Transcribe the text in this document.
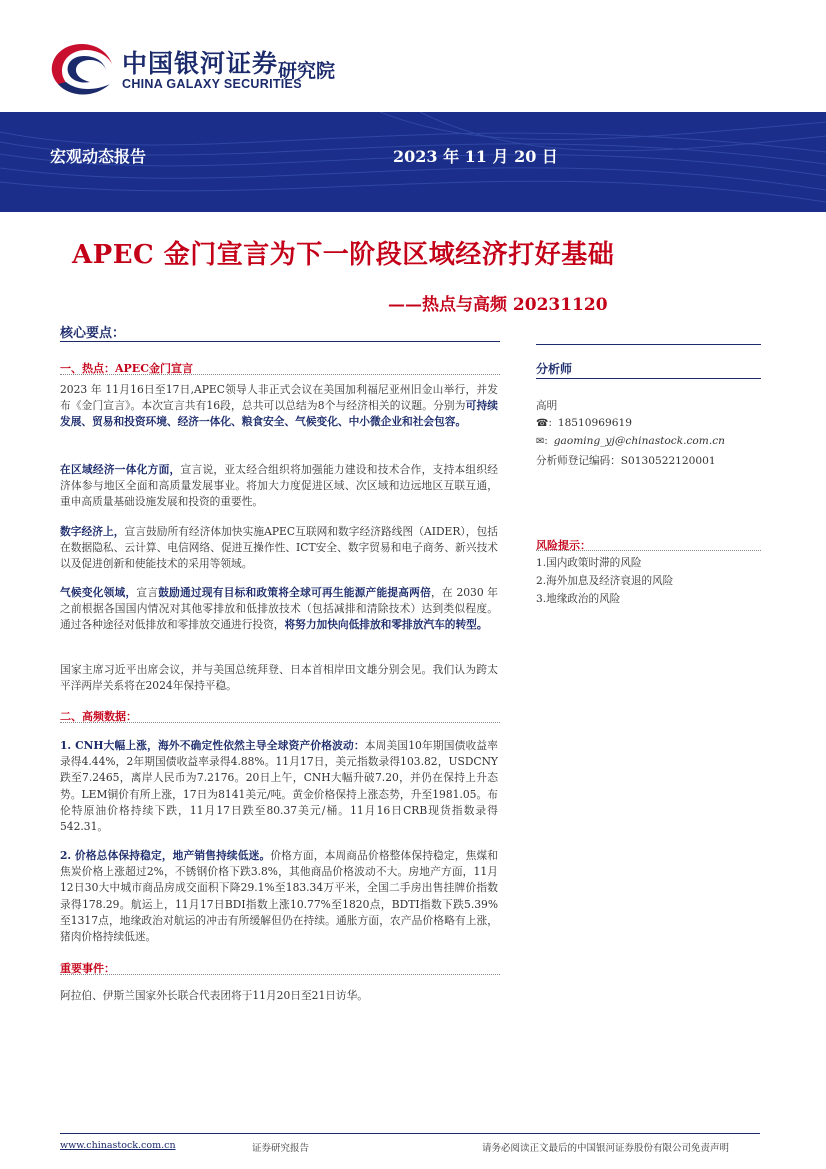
中国银河证券
CHINA GALAXY SECURITIES
研究院
宏观动态报告	2023 年 11 月 20 日
APEC 金门宣言为下一阶段区域经济打好基础
——热点与高频 20231120
核心要点：
一、热点：APEC金门宣言
2023 年 11月16日至17日,APEC领导人非正式会议在美国加利福尼亚州旧金山举行，并发布《金门宣言》。本次宣言共有16段，总共可以总结为8个与经济相关的议题。分别为可持续发展、贸易和投资环境、经济一体化、粮食安全、气候变化、中小微企业和社会包容。
在区域经济一体化方面，宣言说，亚太经合组织将加强能力建设和技术合作，支持本组织经济体参与地区全面和高质量发展事业。将加大力度促进区域、次区域和边远地区互联互通，重申高质量基础设施发展和投资的重要性。
数字经济上，宣言鼓励所有经济体加快实施APEC互联网和数字经济路线图（AIDER），包括在数据隐私、云计算、电信网络、促进互操作性、ICT安全、数字贸易和电子商务、新兴技术以及促进创新和使能技术的采用等领域。
气候变化领域，宣言鼓励通过现有目标和政策将全球可再生能源产能提高两倍，在 2030 年之前根据各国国内情况对其他零排放和低排放技术（包括减排和清除技术）达到类似程度。通过各种途径对低排放和零排放交通进行投资，将努力加快向低排放和零排放汽车的转型。
国家主席习近平出席会议，并与美国总统拜登、日本首相岸田文雄分别会见。我们认为跨太平洋两岸关系将在2024年保持平稳。
二、高频数据：
1. CNH大幅上涨，海外不确定性依然主导全球资产价格波动：本周美国10年期国债收益率录得4.44%，2年期国债收益率录得4.88%。11月17日，美元指数录得103.82，USDCNY跌至7.2465，离岸人民币为7.2176。20日上午，CNH大幅升破7.20，并仍在保持上升态势。LEM铜价有所上涨，17日为8141美元/吨。黄金价格保持上涨态势，升至1981.05。布伦特原油价格持续下跌，11月17日跌至80.37美元/桶。11月16日CRB现货指数录得542.31。
2. 价格总体保持稳定，地产销售持续低迷。价格方面，本周商品价格整体保持稳定，焦煤和焦炭价格上涨超过2%，不锈钢价格下跌3.8%，其他商品价格波动不大。房地产方面，11月12日30大中城市商品房成交面积下降29.1%至183.34万平米，全国二手房出售挂牌价指数录得178.29。航运上，11月17日BDI指数上涨10.77%至1820点，BDTI指数下跌5.39%至1317点，地缘政治对航运的冲击有所缓解但仍在持续。通胀方面，农产品价格略有上涨，猪肉价格持续低迷。
重要事件：
阿拉伯、伊斯兰国家外长联合代表团将于11月20日至21日访华。
分析师
高明
☎: 18510969619
✉: gaoming_yj@chinastock.com.cn
分析师登记编码：S0130522120001
风险提示：
1.国内政策时滞的风险
2.海外加息及经济衰退的风险
3.地缘政治的风险
www.chinastock.com.cn	证券研究报告	请务必阅读正文最后的中国银河证券股份有限公司免责声明
